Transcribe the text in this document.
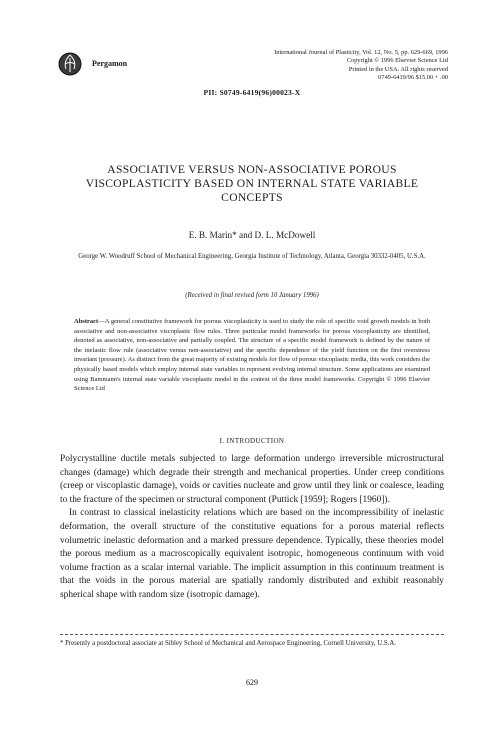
Pergamon
International Journal of Plasticity, Vol. 12, No. 5, pp. 629-669, 1996
Copyright © 1996 Elsevier Science Ltd
Printed in the USA. All rights reserved
0749-6419/96 $15.00 + .00
PII: S0749-6419(96)00023-X
ASSOCIATIVE VERSUS NON-ASSOCIATIVE POROUS
VISCOPLASTICITY BASED ON INTERNAL STATE VARIABLE
CONCEPTS
E. B. Marin* and D. L. McDowell
George W. Woodruff School of Mechanical Engineering, Georgia Institute of Technology, Atlanta, Georgia 30332-0405, U.S.A.
(Received in final revised form 10 January 1996)
Abstract—A general constitutive framework for porous viscoplasticity is used to study the role of specific void growth models in both associative and non-associative viscoplastic flow rules. Three particular model frameworks for porous viscoplasticity are identified, denoted as associative, non-associative and partially coupled. The structure of a specific model framework is defined by the nature of the inelastic flow rule (associative versus non-associative) and the specific dependence of the yield function on the first overstress invariant (pressure). As distinct from the great majority of existing models for flow of porous viscoplastic media, this work considers the physically based models which employ internal state variables to represent evolving internal structure. Some applications are examined using Bammann's internal state variable viscoplastic model in the context of the three model frameworks. Copyright © 1996 Elsevier Science Ltd
I. INTRODUCTION

Polycrystalline ductile metals subjected to large deformation undergo irreversible microstructural changes (damage) which degrade their strength and mechanical properties. Under creep conditions (creep or viscoplastic damage), voids or cavities nucleate and grow until they link or coalesce, leading to the fracture of the specimen or structural component (Puttick [1959]; Rogers [1960]).

In contrast to classical inelasticity relations which are based on the incompressibility of inelastic deformation, the overall structure of the constitutive equations for a porous material reflects volumetric inelastic deformation and a marked pressure dependence. Typically, these theories model the porous medium as a macroscopically equivalent isotropic, homogeneous continuum with void volume fraction as a scalar internal variable. The implicit assumption in this continuum treatment is that the voids in the porous material are spatially randomly distributed and exhibit reasonably spherical shape with random size (isotropic damage).

* Presently a postdoctoral associate at Sibley School of Mechanical and Aerospace Engineering, Cornell University, U.S.A.
629
